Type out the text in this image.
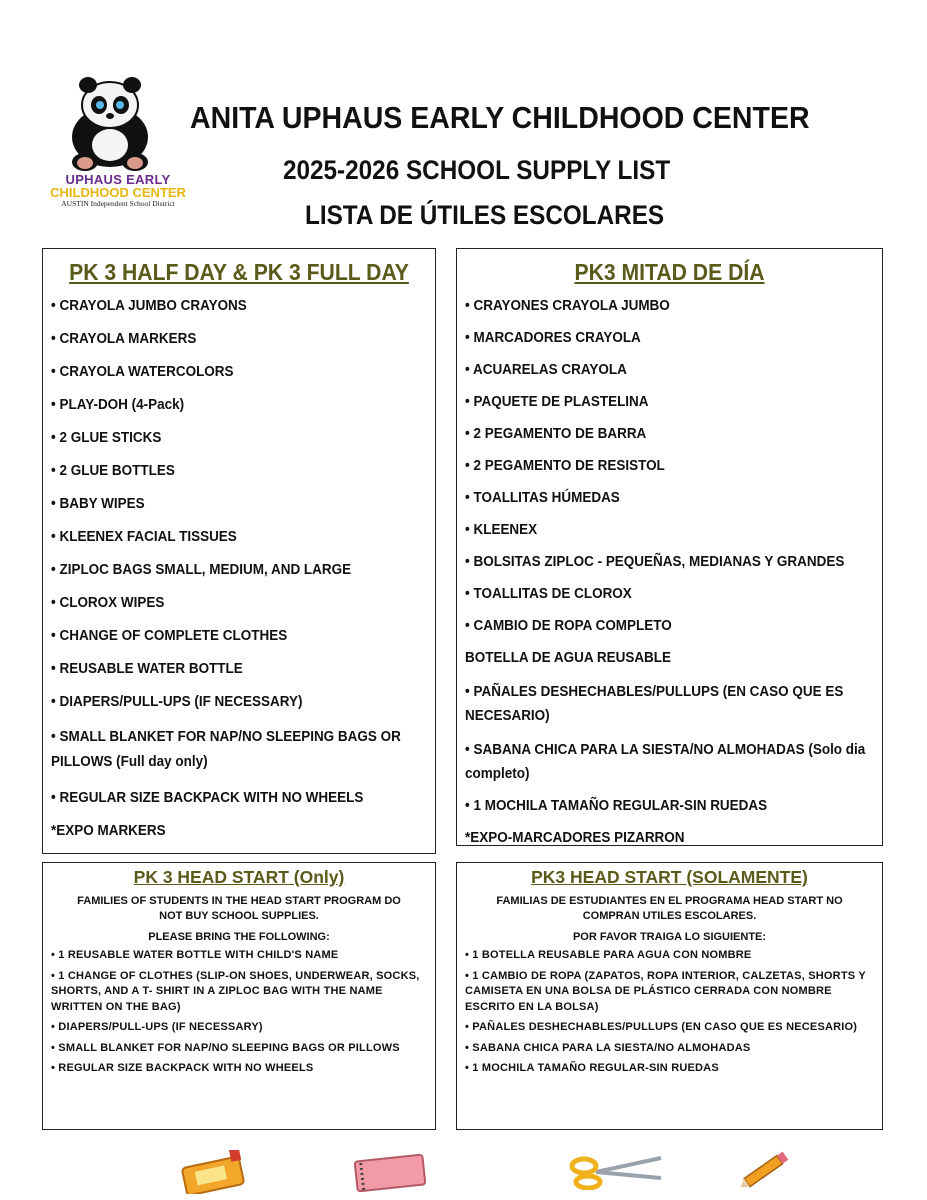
UPHAUS EARLY
CHILDHOOD CENTER
AUSTIN Independent School District
ANITA UPHAUS EARLY CHILDHOOD CENTER
2025-2026 SCHOOL SUPPLY LIST
LISTA DE ÚTILES ESCOLARES
PK 3 HALF DAY & PK 3 FULL DAY
• CRAYOLA JUMBO CRAYONS
• CRAYOLA MARKERS
• CRAYOLA WATERCOLORS
• PLAY-DOH (4-Pack)
• 2 GLUE STICKS
• 2 GLUE BOTTLES
• BABY WIPES
• KLEENEX FACIAL TISSUES
• ZIPLOC BAGS SMALL, MEDIUM, AND LARGE
• CLOROX WIPES
• CHANGE OF COMPLETE CLOTHES
• REUSABLE WATER BOTTLE
• DIAPERS/PULL-UPS (IF NECESSARY)
• SMALL BLANKET FOR NAP/NO SLEEPING BAGS OR PILLOWS (Full day only)
• REGULAR SIZE BACKPACK WITH NO WHEELS
*EXPO MARKERS
PK3 MITAD DE DÍA
• CRAYONES CRAYOLA JUMBO
• MARCADORES CRAYOLA
• ACUARELAS CRAYOLA
• PAQUETE DE PLASTELINA
• 2 PEGAMENTO DE BARRA
• 2 PEGAMENTO DE RESISTOL
• TOALLITAS HÚMEDAS
• KLEENEX
• BOLSITAS ZIPLOC - PEQUEÑAS, MEDIANAS Y GRANDES
• TOALLITAS DE CLOROX
• CAMBIO DE ROPA COMPLETO
BOTELLA DE AGUA REUSABLE
• PAÑALES DESHECHABLES/PULLUPS (EN CASO QUE ES NECESARIO)
• SABANA CHICA PARA LA SIESTA/NO ALMOHADAS (Solo dia completo)
• 1 MOCHILA TAMAÑO REGULAR-SIN RUEDAS
*EXPO-MARCADORES PIZARRON
PK 3 HEAD START (Only)
FAMILIES OF STUDENTS IN THE HEAD START PROGRAM DO NOT BUY SCHOOL SUPPLIES.
PLEASE BRING THE FOLLOWING:
• 1 REUSABLE WATER BOTTLE WITH CHILD'S NAME
• 1 CHANGE OF CLOTHES (SLIP-ON SHOES, UNDERWEAR, SOCKS, SHORTS, AND A T- SHIRT IN A ZIPLOC BAG WITH THE NAME WRITTEN ON THE BAG)
• DIAPERS/PULL-UPS (IF NECESSARY)
• SMALL BLANKET FOR NAP/NO SLEEPING BAGS OR PILLOWS
• REGULAR SIZE BACKPACK WITH NO WHEELS
PK3 HEAD START (SOLAMENTE)
FAMILIAS DE ESTUDIANTES EN EL PROGRAMA HEAD START NO COMPRAN UTILES ESCOLARES.
POR FAVOR TRAIGA LO SIGUIENTE:
• 1 BOTELLA REUSABLE PARA AGUA CON NOMBRE
• 1 CAMBIO DE ROPA (ZAPATOS, ROPA INTERIOR, CALZETAS, SHORTS Y CAMISETA EN UNA BOLSA DE PLÁSTICO CERRADA CON NOMBRE ESCRITO EN LA BOLSA)
• PAÑALES DESHECHABLES/PULLUPS (EN CASO QUE ES NECESARIO)
• SABANA CHICA PARA LA SIESTA/NO ALMOHADAS
• 1 MOCHILA TAMAÑO REGULAR-SIN RUEDAS
